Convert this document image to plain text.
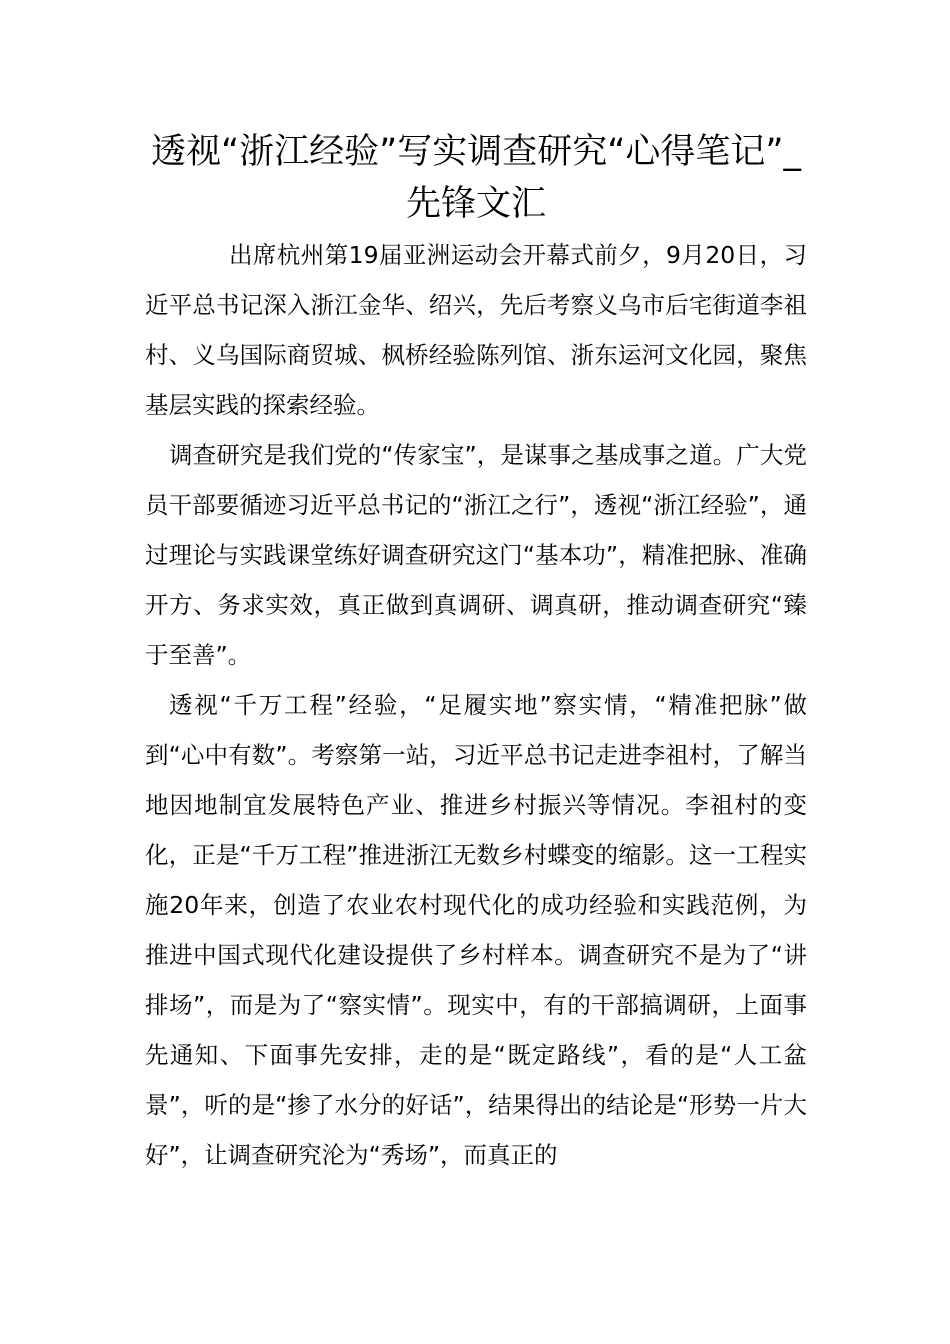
透视“浙江经验”写实调查研究“心得笔记”_先锋文汇

出席杭州第19届亚洲运动会开幕式前夕，9月20日，习近平总书记深入浙江金华、绍兴，先后考察义乌市后宅街道李祖村、义乌国际商贸城、枫桥经验陈列馆、浙东运河文化园，聚焦基层实践的探索经验。

调查研究是我们党的“传家宝”，是谋事之基成事之道。广大党员干部要循迹习近平总书记的“浙江之行”，透视“浙江经验”，通过理论与实践课堂练好调查研究这门“基本功”，精准把脉、准确开方、务求实效，真正做到真调研、调真研，推动调查研究“臻于至善”。

透视“千万工程”经验，“足履实地”察实情，“精准把脉”做到“心中有数”。考察第一站，习近平总书记走进李祖村，了解当地因地制宜发展特色产业、推进乡村振兴等情况。李祖村的变化，正是“千万工程”推进浙江无数乡村蝶变的缩影。这一工程实施20年来，创造了农业农村现代化的成功经验和实践范例，为推进中国式现代化建设提供了乡村样本。调查研究不是为了“讲排场”，而是为了“察实情”。现实中，有的干部搞调研，上面事先通知、下面事先安排，走的是“既定路线”，看的是“人工盆景”，听的是“掺了水分的好话”，结果得出的结论是“形势一片大好”，让调查研究沦为“秀场”，而真正的
